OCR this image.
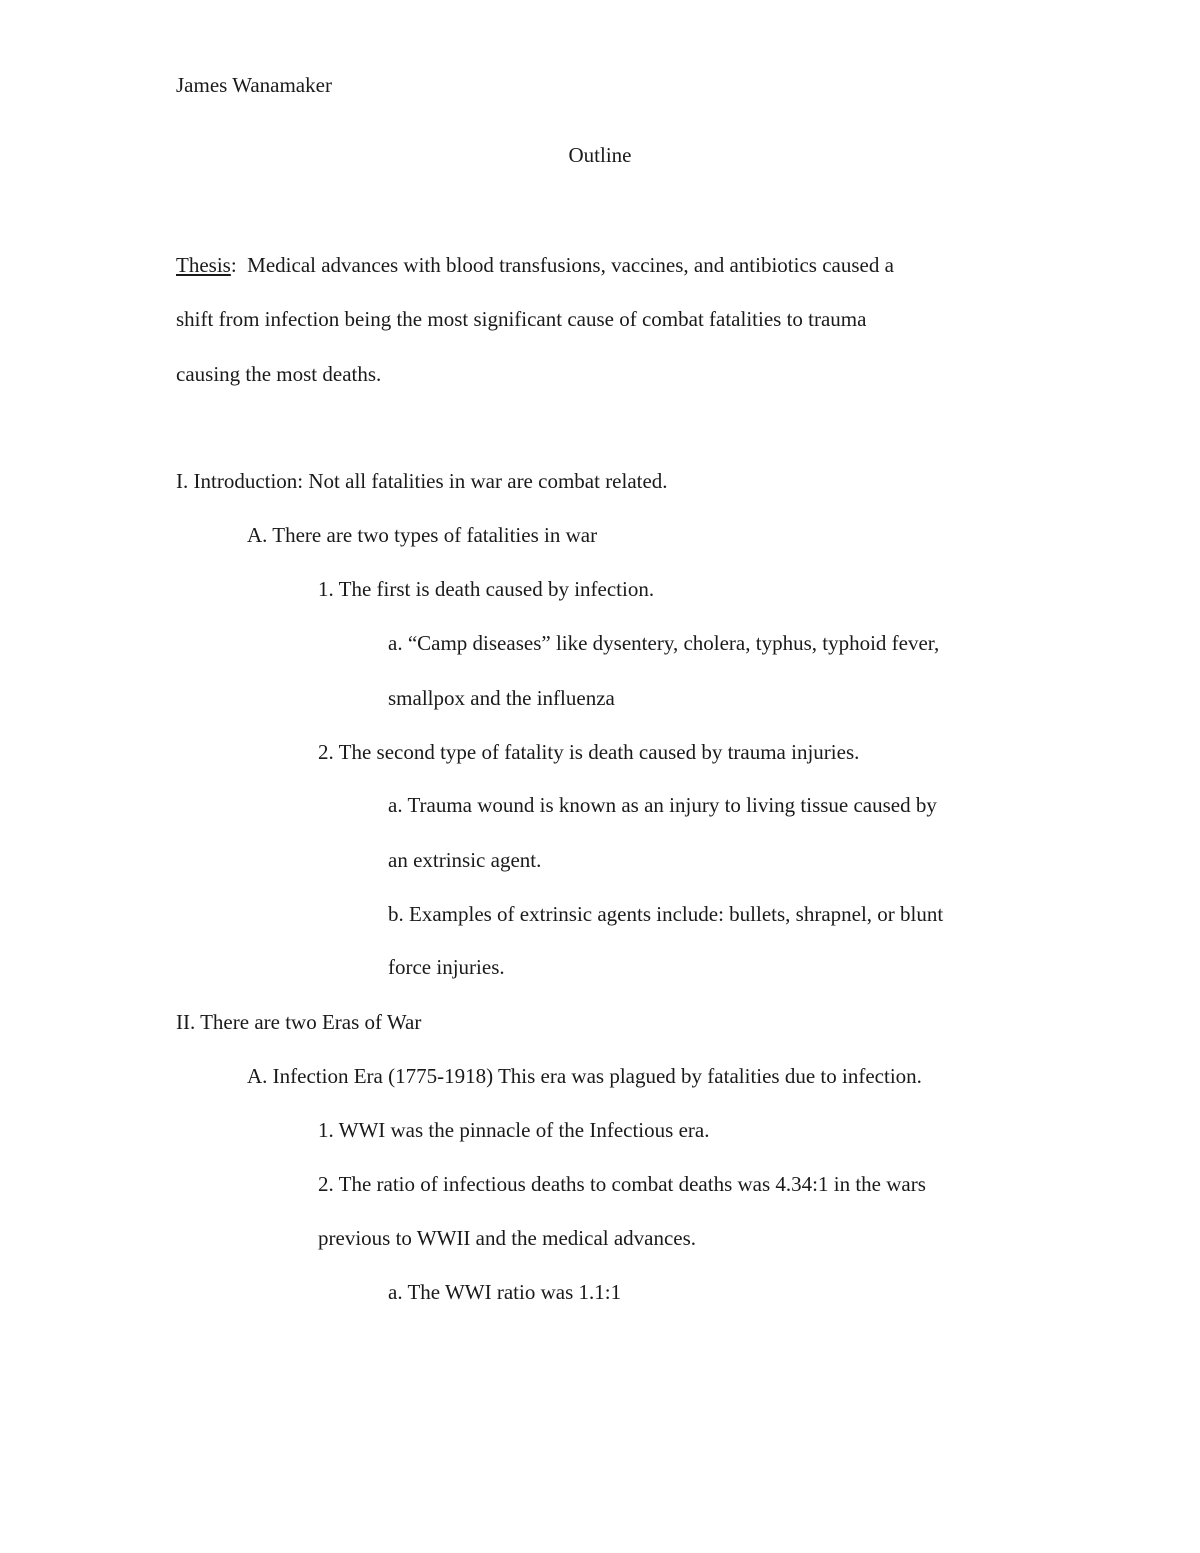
James Wanamaker
Outline
Thesis: Medical advances with blood transfusions, vaccines, and antibiotics caused a
shift from infection being the most significant cause of combat fatalities to trauma
causing the most deaths.
I. Introduction: Not all fatalities in war are combat related.
A. There are two types of fatalities in war
1. The first is death caused by infection.
a. “Camp diseases” like dysentery, cholera, typhus, typhoid fever,
smallpox and the influenza
2. The second type of fatality is death caused by trauma injuries.
a. Trauma wound is known as an injury to living tissue caused by
an extrinsic agent.
b. Examples of extrinsic agents include: bullets, shrapnel, or blunt
force injuries.
II. There are two Eras of War
A. Infection Era (1775-1918) This era was plagued by fatalities due to infection.
1. WWI was the pinnacle of the Infectious era.
2. The ratio of infectious deaths to combat deaths was 4.34:1 in the wars
previous to WWII and the medical advances.
a. The WWI ratio was 1.1:1
